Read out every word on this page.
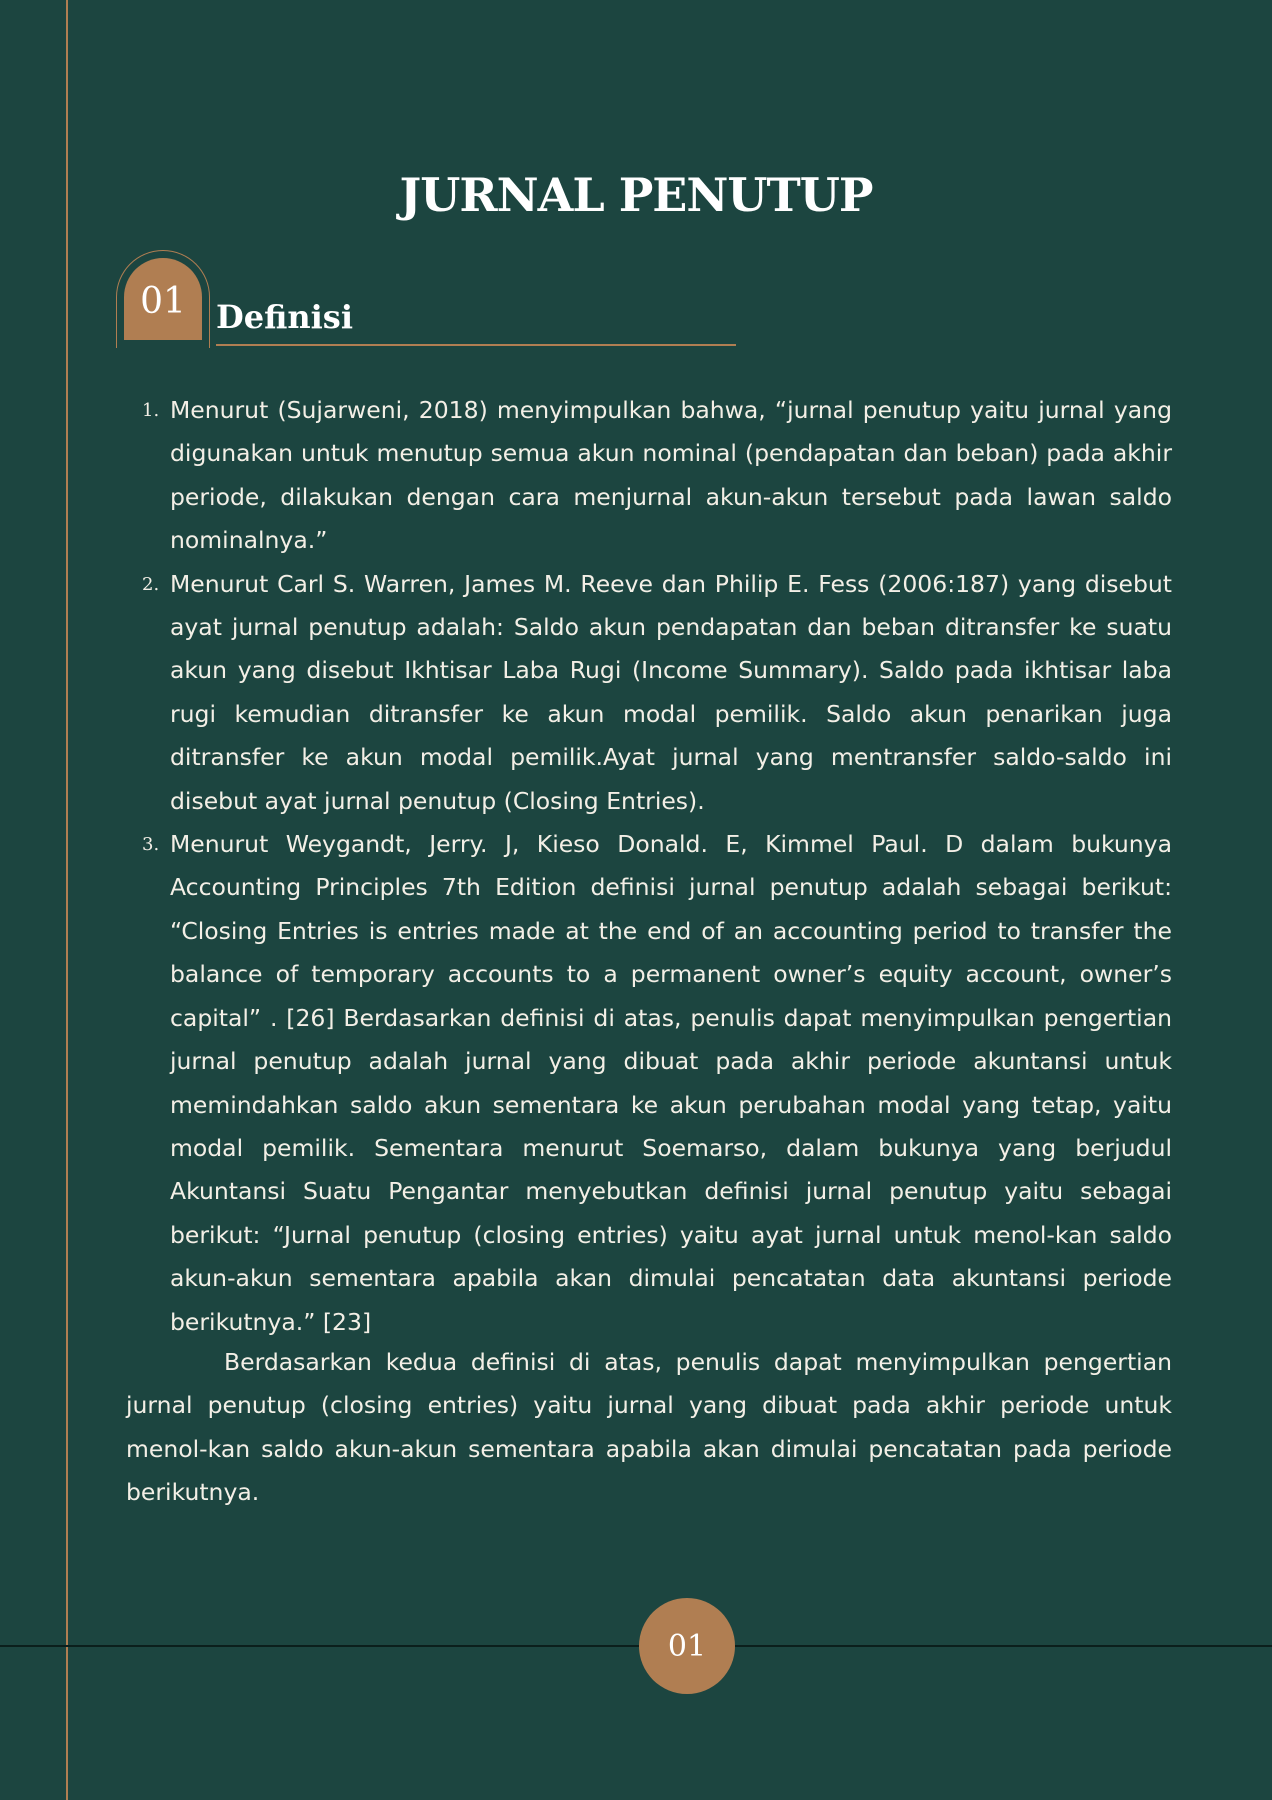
JURNAL PENUTUP
01 Definisi
1. Menurut (Sujarweni, 2018) menyimpulkan bahwa, “jurnal penutup yaitu jurnal yang digunakan untuk menutup semua akun nominal (pendapatan dan beban) pada akhir periode, dilakukan dengan cara menjurnal akun-akun tersebut pada lawan saldo nominalnya.”
2. Menurut Carl S. Warren, James M. Reeve dan Philip E. Fess (2006:187) yang disebut ayat jurnal penutup adalah: Saldo akun pendapatan dan beban ditransfer ke suatu akun yang disebut Ikhtisar Laba Rugi (Income Summary). Saldo pada ikhtisar laba rugi kemudian ditransfer ke akun modal pemilik. Saldo akun penarikan juga ditransfer ke akun modal pemilik.Ayat jurnal yang mentransfer saldo-saldo ini disebut ayat jurnal penutup (Closing Entries).
3. Menurut Weygandt, Jerry. J, Kieso Donald. E, Kimmel Paul. D dalam bukunya Accounting Principles 7th Edition definisi jurnal penutup adalah sebagai berikut: “Closing Entries is entries made at the end of an accounting period to transfer the balance of temporary accounts to a permanent owner’s equity account, owner’s capital” . [26] Berdasarkan definisi di atas, penulis dapat menyimpulkan pengertian jurnal penutup adalah jurnal yang dibuat pada akhir periode akuntansi untuk memindahkan saldo akun sementara ke akun perubahan modal yang tetap, yaitu modal pemilik. Sementara menurut Soemarso, dalam bukunya yang berjudul Akuntansi Suatu Pengantar menyebutkan definisi jurnal penutup yaitu sebagai berikut: “Jurnal penutup (closing entries) yaitu ayat jurnal untuk menol-kan saldo akun-akun sementara apabila akan dimulai pencatatan data akuntansi periode berikutnya.” [23]

Berdasarkan kedua definisi di atas, penulis dapat menyimpulkan pengertian jurnal penutup (closing entries) yaitu jurnal yang dibuat pada akhir periode untuk menol-kan saldo akun-akun sementara apabila akan dimulai pencatatan pada periode berikutnya.

01
